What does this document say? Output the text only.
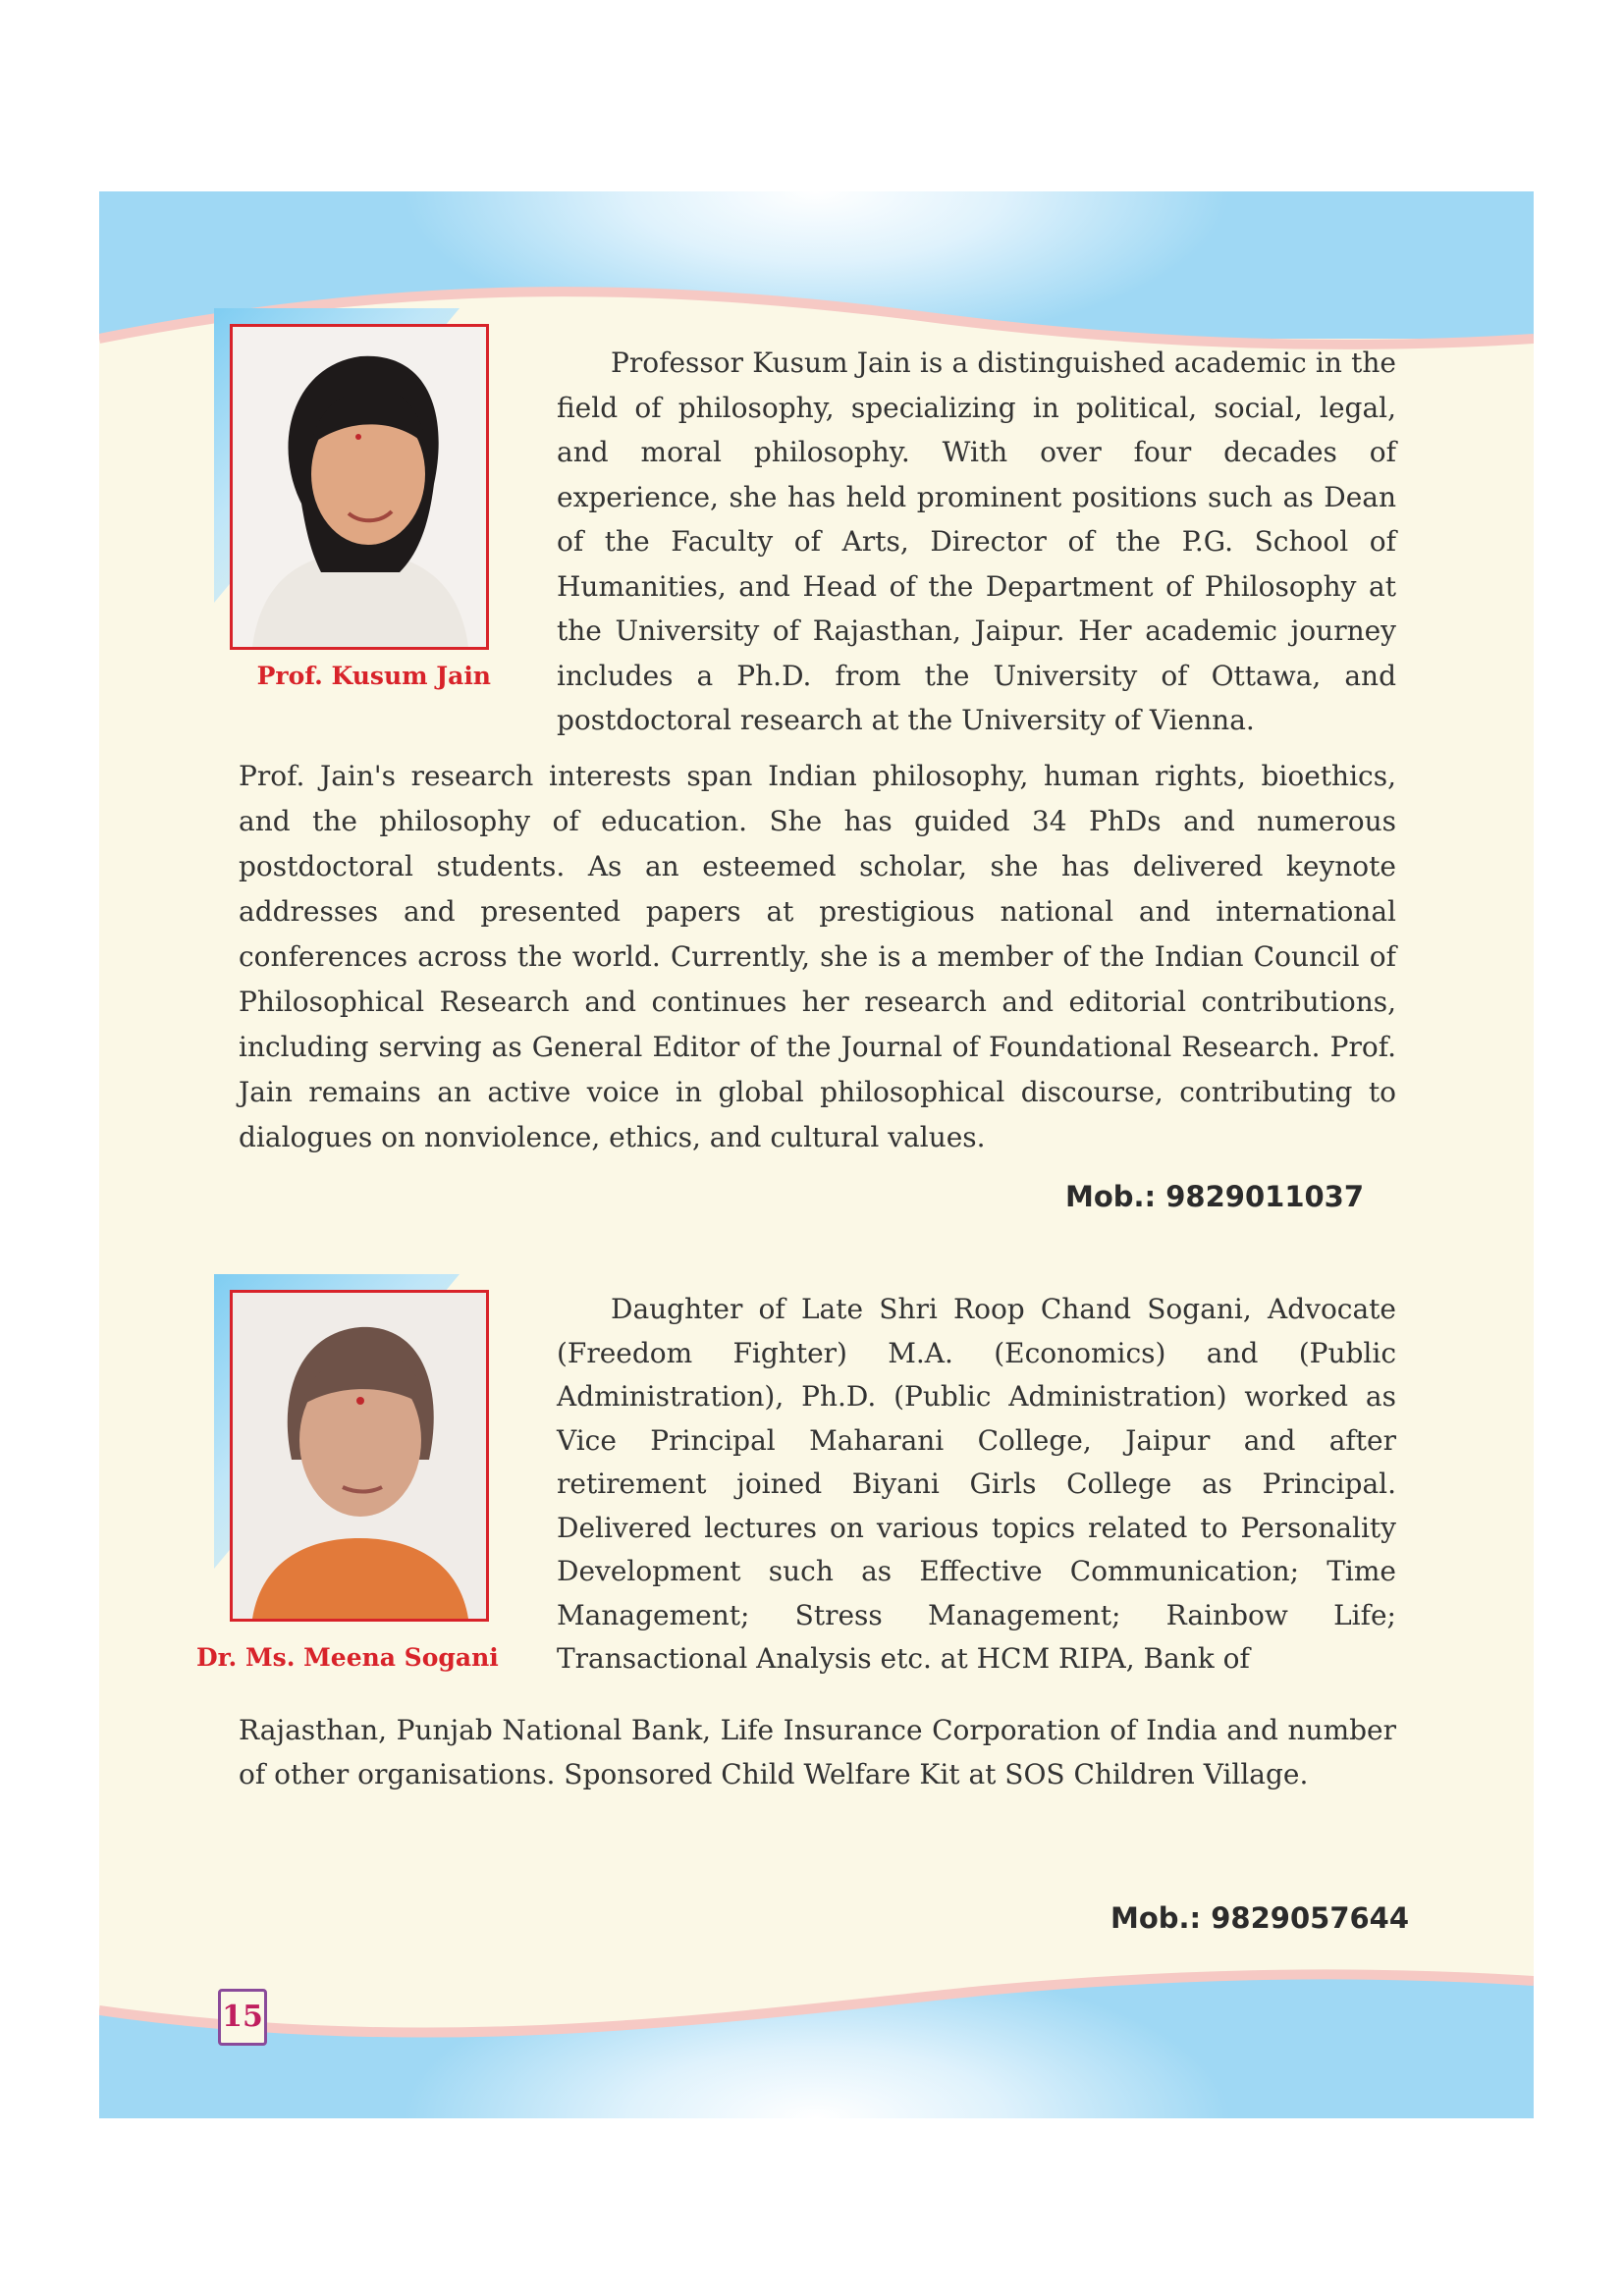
Prof. Kusum Jain

Professor Kusum Jain is a distinguished academic in the field of philosophy, specializing in political, social, legal, and moral philosophy. With over four decades of experience, she has held prominent positions such as Dean of the Faculty of Arts, Director of the P.G. School of Humanities, and Head of the Department of Philosophy at the University of Rajasthan, Jaipur. Her academic journey includes a Ph.D. from the University of Ottawa, and postdoctoral research at the University of Vienna.

Prof. Jain's research interests span Indian philosophy, human rights, bioethics, and the philosophy of education. She has guided 34 PhDs and numerous postdoctoral students. As an esteemed scholar, she has delivered keynote addresses and presented papers at prestigious national and international conferences across the world. Currently, she is a member of the Indian Council of Philosophical Research and continues her research and editorial contributions, including serving as General Editor of the Journal of Foundational Research. Prof. Jain remains an active voice in global philosophical discourse, contributing to dialogues on nonviolence, ethics, and cultural values.

Mob.: 9829011037
Dr. Ms. Meena Sogani

Daughter of Late Shri Roop Chand Sogani, Advocate (Freedom Fighter) M.A. (Economics) and (Public Administration), Ph.D. (Public Administration) worked as Vice Principal Maharani College, Jaipur and after retirement joined Biyani Girls College as Principal. Delivered lectures on various topics related to Personality Development such as Effective Communication; Time Management; Stress Management; Rainbow Life; Transactional Analysis etc. at HCM RIPA, Bank of

Rajasthan, Punjab National Bank, Life Insurance Corporation of India and number of other organisations. Sponsored Child Welfare Kit at SOS Children Village.

Mob.: 9829057644
15
